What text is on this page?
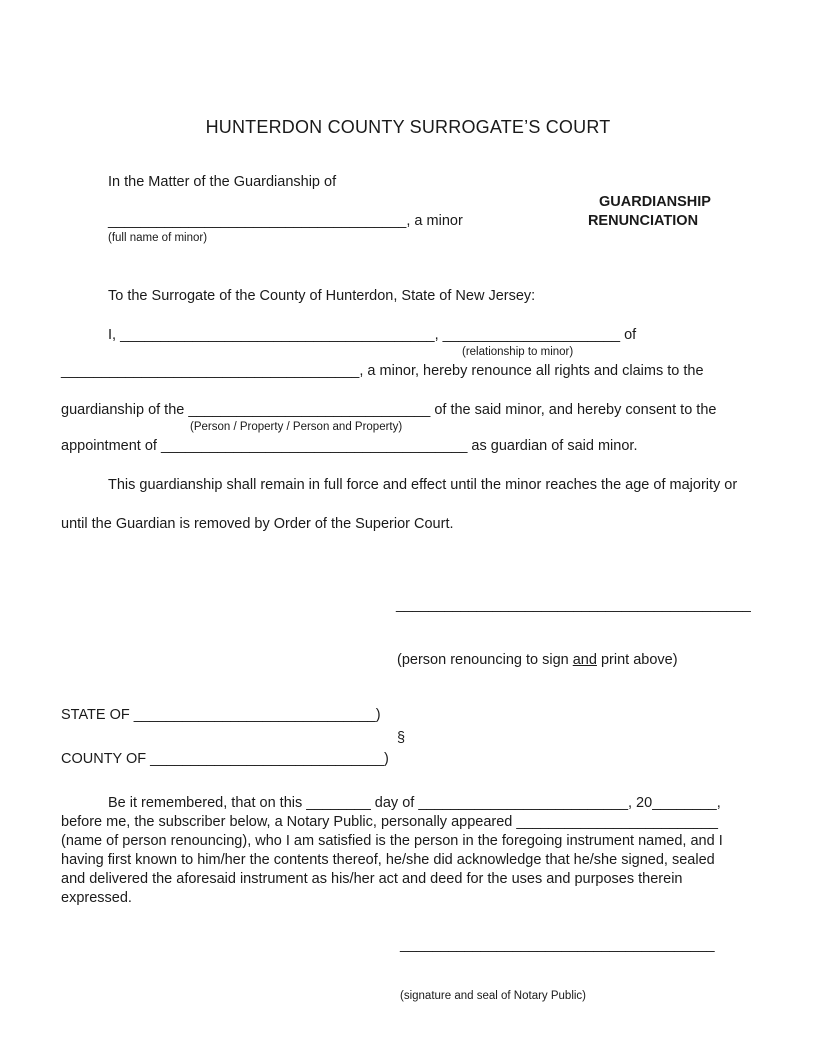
HUNTERDON COUNTY SURROGATE’S COURT
In the Matter of the Guardianship of
GUARDIANSHIP
RENUNCIATION
_____________________________________, a minor
(full name of minor)
To the Surrogate of the County of Hunterdon, State of New Jersey:
I, _______________________________________, ______________________ of
(relationship to minor)
_____________________________________, a minor, hereby renounce all rights and claims to the
guardianship of the ______________________________ of the said minor, and hereby consent to the
(Person / Property / Person and Property)
appointment of ______________________________________ as guardian of said minor.
This guardianship shall remain in full force and effect until the minor reaches the age of majority or
until the Guardian is removed by Order of the Superior Court.
____________________________________________
(person renouncing to sign and print above)
STATE OF ______________________________)
§
COUNTY OF _____________________________)
Be it remembered, that on this ________ day of __________________________, 20________,
before me, the subscriber below, a Notary Public, personally appeared _________________________ (name of person renouncing), who I am satisfied is the person in the foregoing instrument named, and I having first known to him/her the contents thereof, he/she did acknowledge that he/she signed, sealed and delivered the aforesaid instrument as his/her act and deed for the uses and purposes therein expressed.
_______________________________________
(signature and seal of Notary Public)
